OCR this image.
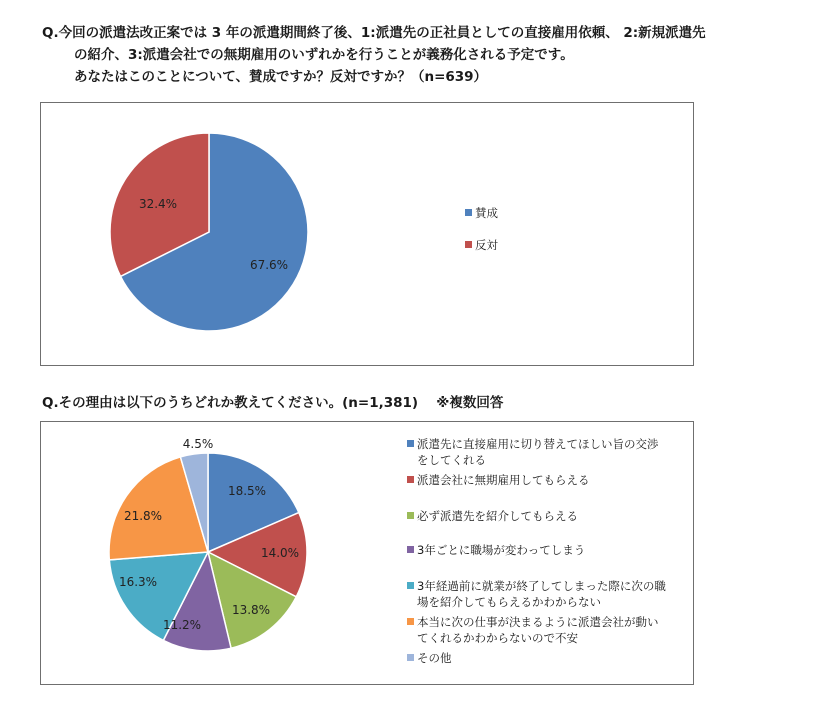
Q.今回の派遣法改正案では 3 年の派遣期間終了後、1:派遣先の正社員としての直接雇用依頼、 2:新規派遣先
の紹介、3:派遣会社での無期雇用のいずれかを行うことが義務化される予定です。
あなたはこのことについて、賛成ですか？反対ですか？（n=639）
67.6%
32.4%
賛成
反対
Q.その理由は以下のうちどれか教えてください。(n=1,381)　 ※複数回答
18.5%
14.0%
13.8%
11.2%
16.3%
21.8%
4.5%	派遣先に直接雇用に切り替えてほしい旨の交渉
をしてくれる
派遣会社に無期雇用してもらえる
必ず派遣先を紹介してもらえる
3年ごとに職場が変わってしまう
3年経過前に就業が終了してしまった際に次の職
場を紹介してもらえるかわからない
本当に次の仕事が決まるように派遣会社が動い
てくれるかわからないので不安
その他
